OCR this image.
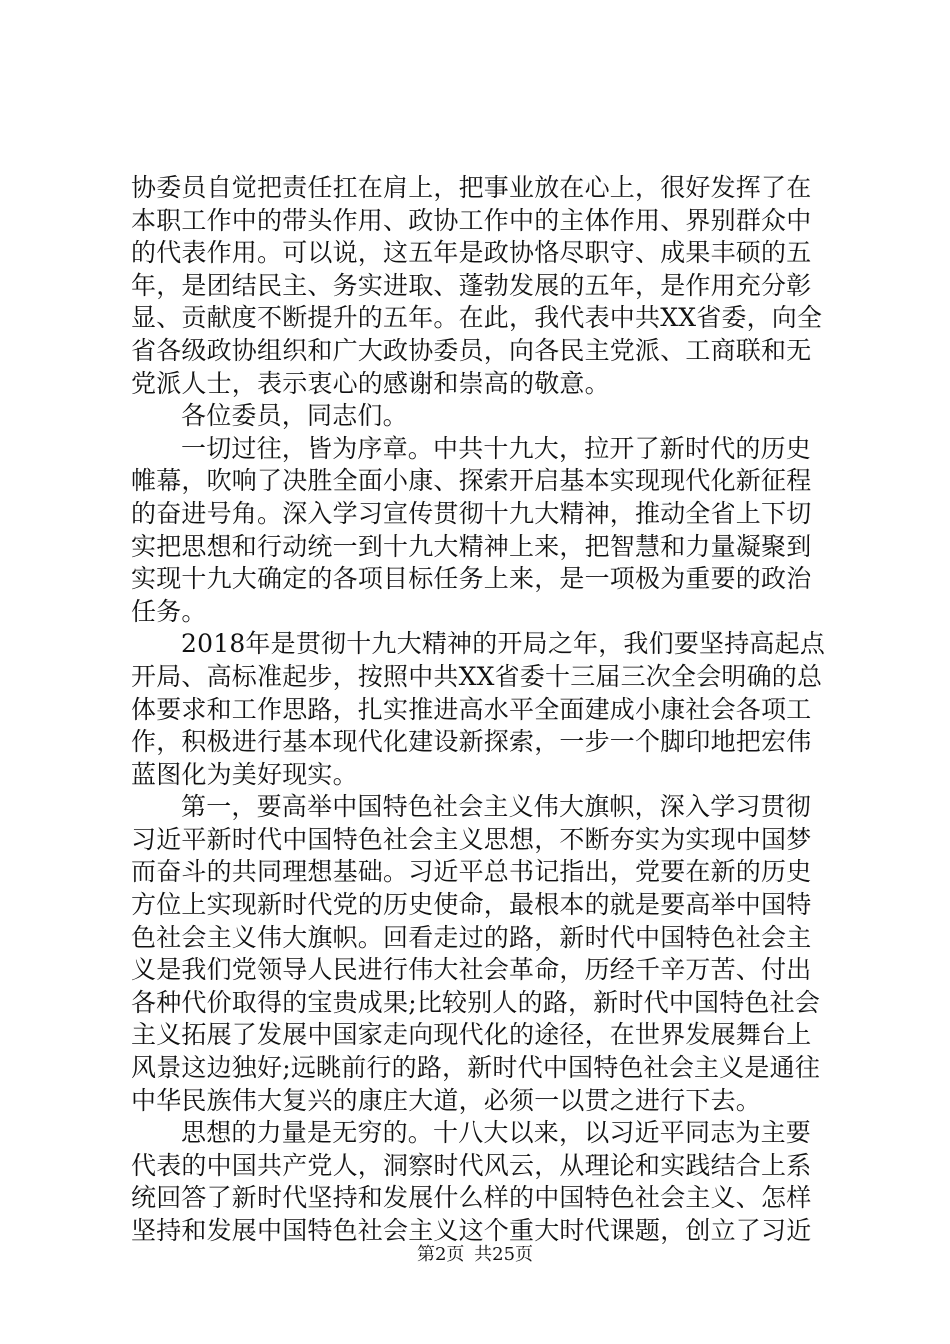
协委员自觉把责任扛在肩上，把事业放在心上，很好发挥了在
本职工作中的带头作用、政协工作中的主体作用、界别群众中
的代表作用。可以说，这五年是政协恪尽职守、成果丰硕的五
年，是团结民主、务实进取、蓬勃发展的五年，是作用充分彰
显、贡献度不断提升的五年。在此，我代表中共XX省委，向全
省各级政协组织和广大政协委员，向各民主党派、工商联和无
党派人士，表示衷心的感谢和崇高的敬意。
各位委员，同志们。
一切过往，皆为序章。中共十九大，拉开了新时代的历史
帷幕，吹响了决胜全面小康、探索开启基本实现现代化新征程
的奋进号角。深入学习宣传贯彻十九大精神，推动全省上下切
实把思想和行动统一到十九大精神上来，把智慧和力量凝聚到
实现十九大确定的各项目标任务上来，是一项极为重要的政治
任务。
2018年是贯彻十九大精神的开局之年，我们要坚持高起点
开局、高标准起步，按照中共XX省委十三届三次全会明确的总
体要求和工作思路，扎实推进高水平全面建成小康社会各项工
作，积极进行基本现代化建设新探索，一步一个脚印地把宏伟
蓝图化为美好现实。
第一，要高举中国特色社会主义伟大旗帜，深入学习贯彻
习近平新时代中国特色社会主义思想，不断夯实为实现中国梦
而奋斗的共同理想基础。习近平总书记指出，党要在新的历史
方位上实现新时代党的历史使命，最根本的就是要高举中国特
色社会主义伟大旗帜。回看走过的路，新时代中国特色社会主
义是我们党领导人民进行伟大社会革命，历经千辛万苦、付出
各种代价取得的宝贵成果;比较别人的路，新时代中国特色社会
主义拓展了发展中国家走向现代化的途径，在世界发展舞台上
风景这边独好;远眺前行的路，新时代中国特色社会主义是通往
中华民族伟大复兴的康庄大道，必须一以贯之进行下去。
思想的力量是无穷的。十八大以来，以习近平同志为主要
代表的中国共产党人，洞察时代风云，从理论和实践结合上系
统回答了新时代坚持和发展什么样的中国特色社会主义、怎样
坚持和发展中国特色社会主义这个重大时代课题，创立了习近
第2页 共25页
